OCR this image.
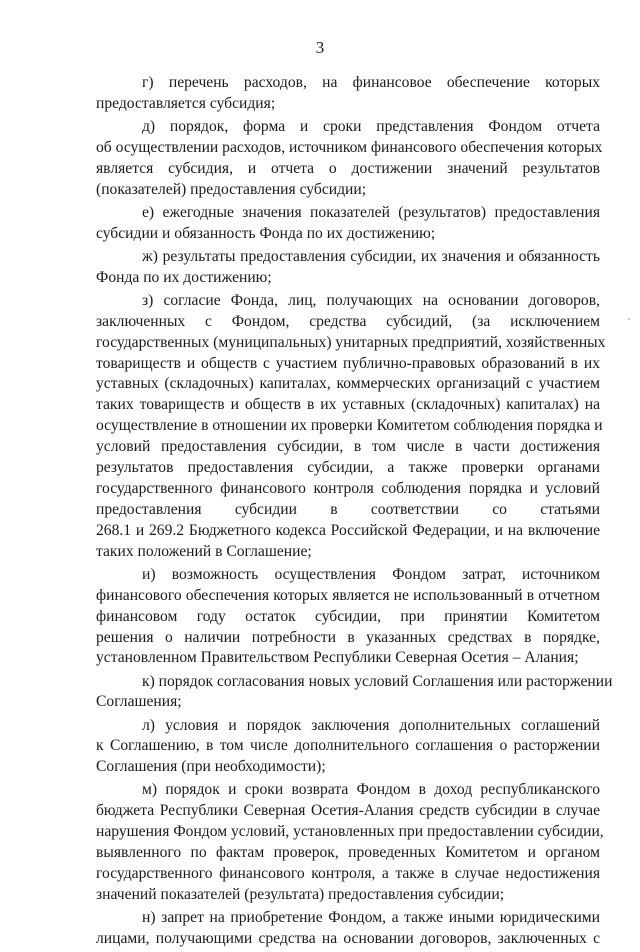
3
г) перечень расходов, на финансовое обеспечение которых
предоставляется субсидия;
д) порядок, форма и сроки представления Фондом отчета
об осуществлении расходов, источником финансового обеспечения которых
является субсидия, и отчета о достижении значений результатов
(показателей) предоставления субсидии;
е) ежегодные значения показателей (результатов) предоставления
субсидии и обязанность Фонда по их достижению;
ж) результаты предоставления субсидии, их значения и обязанность
Фонда по их достижению;
з) согласие Фонда, лиц, получающих на основании договоров,
заключенных с Фондом, средства субсидий, (за исключением
государственных (муниципальных) унитарных предприятий, хозяйственных
товариществ и обществ с участием публично-правовых образований в их
уставных (складочных) капиталах, коммерческих организаций с участием
таких товариществ и обществ в их уставных (складочных) капиталах) на
осуществление в отношении их проверки Комитетом соблюдения порядка и
условий предоставления субсидии, в том числе в части достижения
результатов предоставления субсидии, а также проверки органами
государственного финансового контроля соблюдения порядка и условий
предоставления субсидии в соответствии со статьями
268.1 и 269.2 Бюджетного кодекса Российской Федерации, и на включение
таких положений в Соглашение;
и) возможность осуществления Фондом затрат, источником
финансового обеспечения которых является не использованный в отчетном
финансовом году остаток субсидии, при принятии Комитетом
решения о наличии потребности в указанных средствах в порядке,
установленном Правительством Республики Северная Осетия – Алания;
к) порядок согласования новых условий Соглашения или расторжении
Соглашения;
л) условия и порядок заключения дополнительных соглашений
к Соглашению, в том числе дополнительного соглашения о расторжении
Соглашения (при необходимости);
м) порядок и сроки возврата Фондом в доход республиканского
бюджета Республики Северная Осетия-Алания средств субсидии в случае
нарушения Фондом условий, установленных при предоставлении субсидии,
выявленного по фактам проверок, проведенных Комитетом и органом
государственного финансового контроля, а также в случае недостижения
значений показателей (результата) предоставления субсидии;
н) запрет на приобретение Фондом, а также иными юридическими
лицами, получающими средства на основании договоров, заключенных с
